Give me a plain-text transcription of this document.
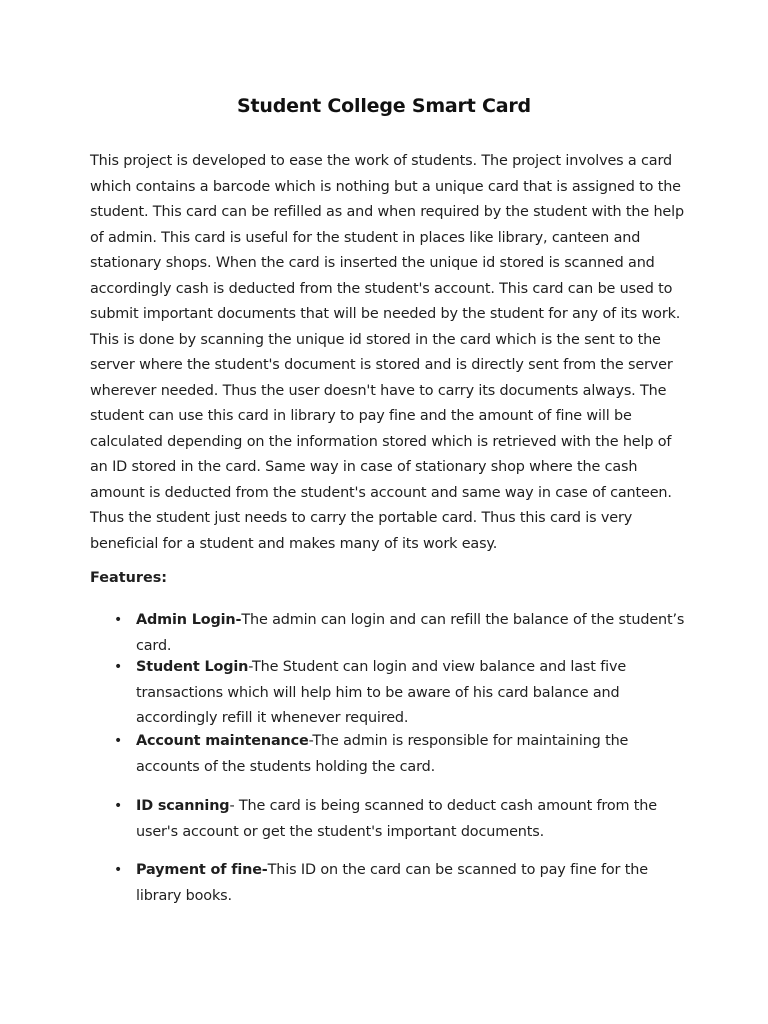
Student College Smart Card

This project is developed to ease the work of students. The project involves a card which contains a barcode which is nothing but a unique card that is assigned to the student. This card can be refilled as and when required by the student with the help of admin. This card is useful for the student in places like library, canteen and stationary shops. When the card is inserted the unique id stored is scanned and accordingly cash is deducted from the student's account. This card can be used to submit important documents that will be needed by the student for any of its work. This is done by scanning the unique id stored in the card which is the sent to the server where the student's document is stored and is directly sent from the server wherever needed. Thus the user doesn't have to carry its documents always. The student can use this card in library to pay fine and the amount of fine will be calculated depending on the information stored which is retrieved with the help of an ID stored in the card. Same way in case of stationary shop where the cash amount is deducted from the student's account and same way in case of canteen. Thus the student just needs to carry the portable card. Thus this card is very beneficial for a student and makes many of its work easy.

Features:

• Admin Login-The admin can login and can refill the balance of the student’s card.
• Student Login-The Student can login and view balance and last five transactions which will help him to be aware of his card balance and accordingly refill it whenever required.
• Account maintenance-The admin is responsible for maintaining the accounts of the students holding the card.
• ID scanning- The card is being scanned to deduct cash amount from the user's account or get the student's important documents.
• Payment of fine-This ID on the card can be scanned to pay fine for the library books.
